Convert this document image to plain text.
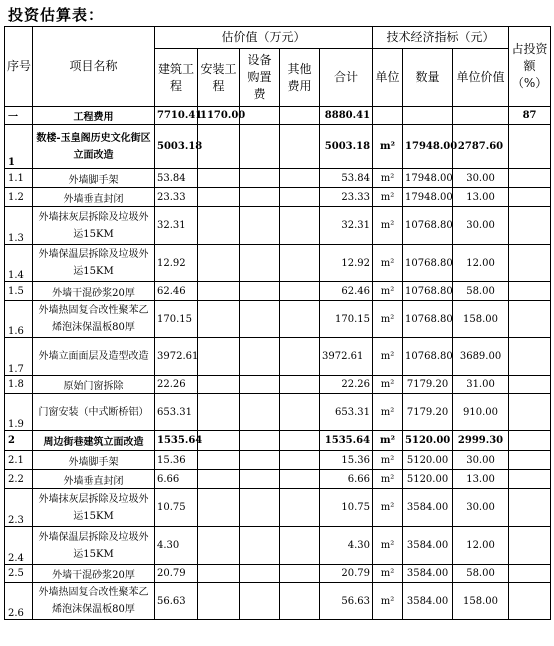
投资估算表：
序号	项目名称	估价值（万元）					技术经济指标（元）			占投资额（%）
		建筑工程	安装工程	设备购置费	其他费用	合计	单位	数量	单位价值	
一	工程费用	7710.41	1170.00			8880.41				87
1	数楼-玉皇阁历史文化街区立面改造	5003.18				5003.18	m²	17948.00	2787.60	
1.1	外墙脚手架	53.84				53.84	m²	17948.00	30.00	
1.2	外墙垂直封闭	23.33				23.33	m²	17948.00	13.00	
1.3	外墙抹灰层拆除及垃圾外运15KM	32.31				32.31	m²	10768.80	30.00	
1.4	外墙保温层拆除及垃圾外运15KM	12.92				12.92	m²	10768.80	12.00	
1.5	外墙干混砂浆20厚	62.46				62.46	m²	10768.80	58.00	
1.6	外墙热固复合改性聚苯乙烯泡沫保温板80厚	170.15				170.15	m²	10768.80	158.00	
1.7	外墙立面面层及造型改造	3972.61				3972.61	m²	10768.80	3689.00	
1.8	原始门窗拆除	22.26				22.26	m²	7179.20	31.00	
1.9	门窗安装（中式断桥铝）	653.31				653.31	m²	7179.20	910.00	
2	周边街巷建筑立面改造	1535.64				1535.64	m²	5120.00	2999.30	
2.1	外墙脚手架	15.36				15.36	m²	5120.00	30.00	
2.2	外墙垂直封闭	6.66				6.66	m²	5120.00	13.00	
2.3	外墙抹灰层拆除及垃圾外运15KM	10.75				10.75	m²	3584.00	30.00	
2.4	外墙保温层拆除及垃圾外运15KM	4.30				4.30	m²	3584.00	12.00	
2.5	外墙干混砂浆20厚	20.79				20.79	m²	3584.00	58.00	
2.6	外墙热固复合改性聚苯乙烯泡沫保温板80厚	56.63				56.63	m²	3584.00	158.00	
